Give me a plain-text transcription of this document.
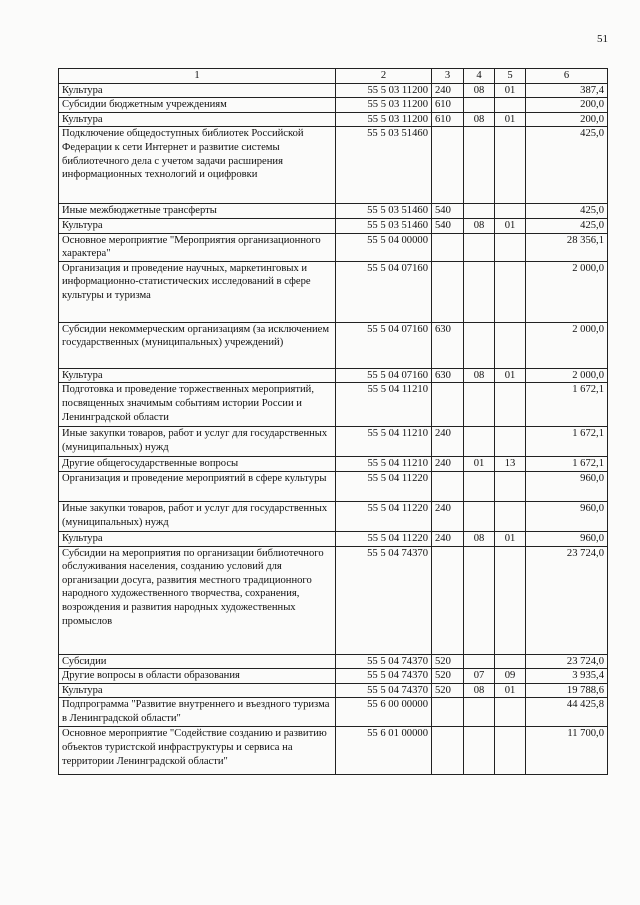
51
1	2	3	4	5	6
Культура	55 5 03 11200	240	08	01	387,4
Субсидии бюджетным учреждениям	55 5 03 11200	610			200,0
Культура	55 5 03 11200	610	08	01	200,0
Подключение общедоступных библиотек Российской Федерации к сети Интернет и развитие системы библиотечного дела с учетом задачи расширения информационных технологий и оцифровки	55 5 03 51460				425,0
Иные межбюджетные трансферты	55 5 03 51460	540			425,0
Культура	55 5 03 51460	540	08	01	425,0
Основное мероприятие "Мероприятия организационного характера"	55 5 04 00000				28 356,1
Организация и проведение научных, маркетинговых и информационно-статистических исследований в сфере культуры и туризма	55 5 04 07160				2 000,0
Субсидии некоммерческим организациям (за исключением государственных (муниципальных) учреждений)	55 5 04 07160	630			2 000,0
Культура	55 5 04 07160	630	08	01	2 000,0
Подготовка и проведение торжественных мероприятий, посвященных значимым событиям истории России и Ленинградской области	55 5 04 11210				1 672,1
Иные закупки товаров, работ и услуг для государственных (муниципальных) нужд	55 5 04 11210	240			1 672,1
Другие общегосударственные вопросы	55 5 04 11210	240	01	13	1 672,1
Организация и проведение мероприятий в сфере культуры	55 5 04 11220				960,0
Иные закупки товаров, работ и услуг для государственных (муниципальных) нужд	55 5 04 11220	240			960,0
Культура	55 5 04 11220	240	08	01	960,0
Субсидии на мероприятия по организации библиотечного обслуживания населения, созданию условий для организации досуга, развития местного традиционного народного художественного творчества, сохранения, возрождения и развития народных художественных промыслов	55 5 04 74370				23 724,0
Субсидии	55 5 04 74370	520			23 724,0
Другие вопросы в области образования	55 5 04 74370	520	07	09	3 935,4
Культура	55 5 04 74370	520	08	01	19 788,6
Подпрограмма "Развитие внутреннего и въездного туризма в Ленинградской области"	55 6 00 00000				44 425,8
Основное мероприятие "Содействие созданию и развитию объектов туристской инфраструктуры и сервиса на территории Ленинградской области"	55 6 01 00000				11 700,0
